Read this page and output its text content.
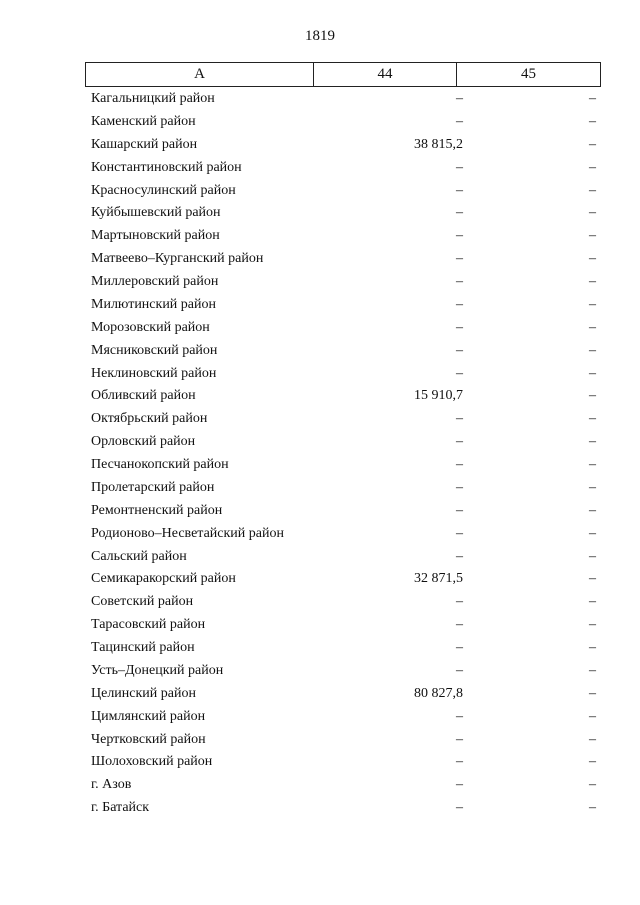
1819
А	44	45
Кагальницкий район	–	–
Каменский район	–	–
Кашарский район	38 815,2	–
Константиновский район	–	–
Красносулинский район	–	–
Куйбышевский район	–	–
Мартыновский район	–	–
Матвеево–Курганский район	–	–
Миллеровский район	–	–
Милютинский район	–	–
Морозовский район	–	–
Мясниковский район	–	–
Неклиновский район	–	–
Обливский район	15 910,7	–
Октябрьский район	–	–
Орловский район	–	–
Песчанокопский район	–	–
Пролетарский район	–	–
Ремонтненский район	–	–
Родионово–Несветайский район	–	–
Сальский район	–	–
Семикаракорский район	32 871,5	–
Советский район	–	–
Тарасовский район	–	–
Тацинский район	–	–
Усть–Донецкий район	–	–
Целинский район	80 827,8	–
Цимлянский район	–	–
Чертковский район	–	–
Шолоховский район	–	–
г. Азов	–	–
г. Батайск	–	–
